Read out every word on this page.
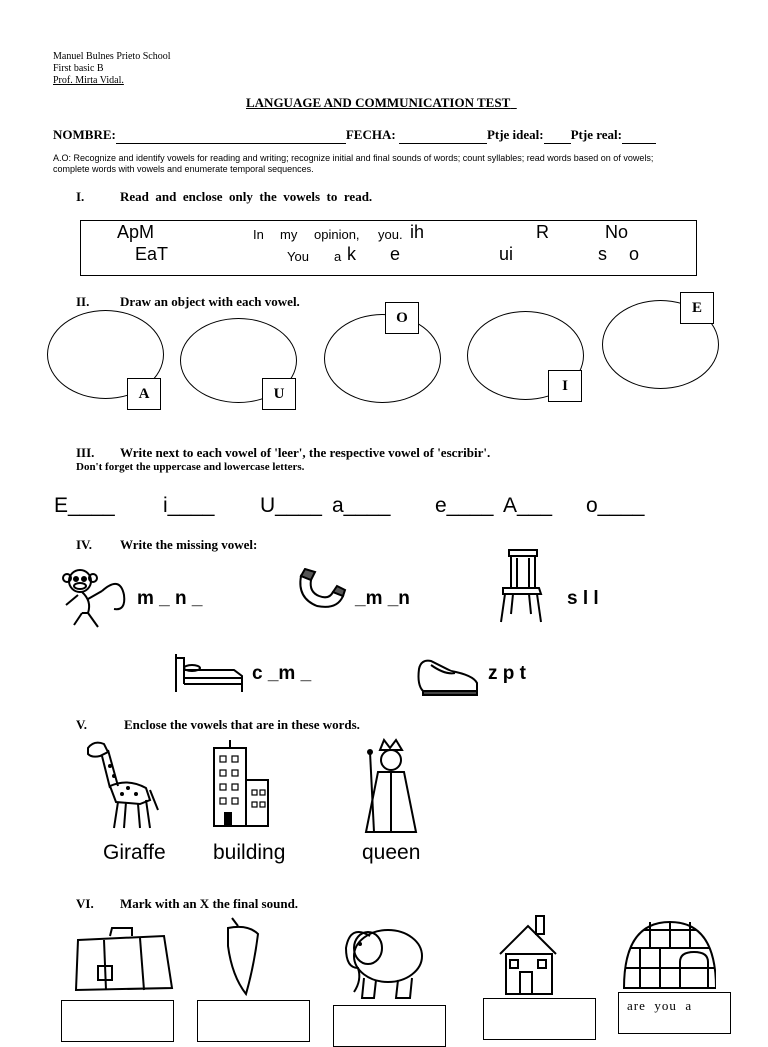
Manuel Bulnes Prieto School
First basic B
Prof. Mirta Vidal.
LANGUAGE AND COMMUNICATION TEST
NOMBRE:	FECHA:	Ptje ideal: Ptje real:
A.O: Recognize and identify vowels for reading and writing; recognize initial and final sounds of words; count syllables; read words based on of vowels; complete words with vowels and enumerate temporal sequences.
I.	Read  and  enclose  only  the  vowels  to  read.
ApM	In my opinion, you. ih	R	No
EaT	You a k e	ui	s o
II. Draw an object with each vowel.
A	U
O
I
E
III. Write next to each vowel of 'leer', the respective vowel of 'escribir'.
Don't forget the uppercase and lowercase letters.
E____ i____ U____ a____ e____ A___ o____
IV. Write the missing vowel:
m _ n _	_m _n	s l l
c _m _	z p t
V.	Enclose the vowels that are in these words.
Giraffe building	queen
VI. Mark with an X the final sound.
are  you  a
